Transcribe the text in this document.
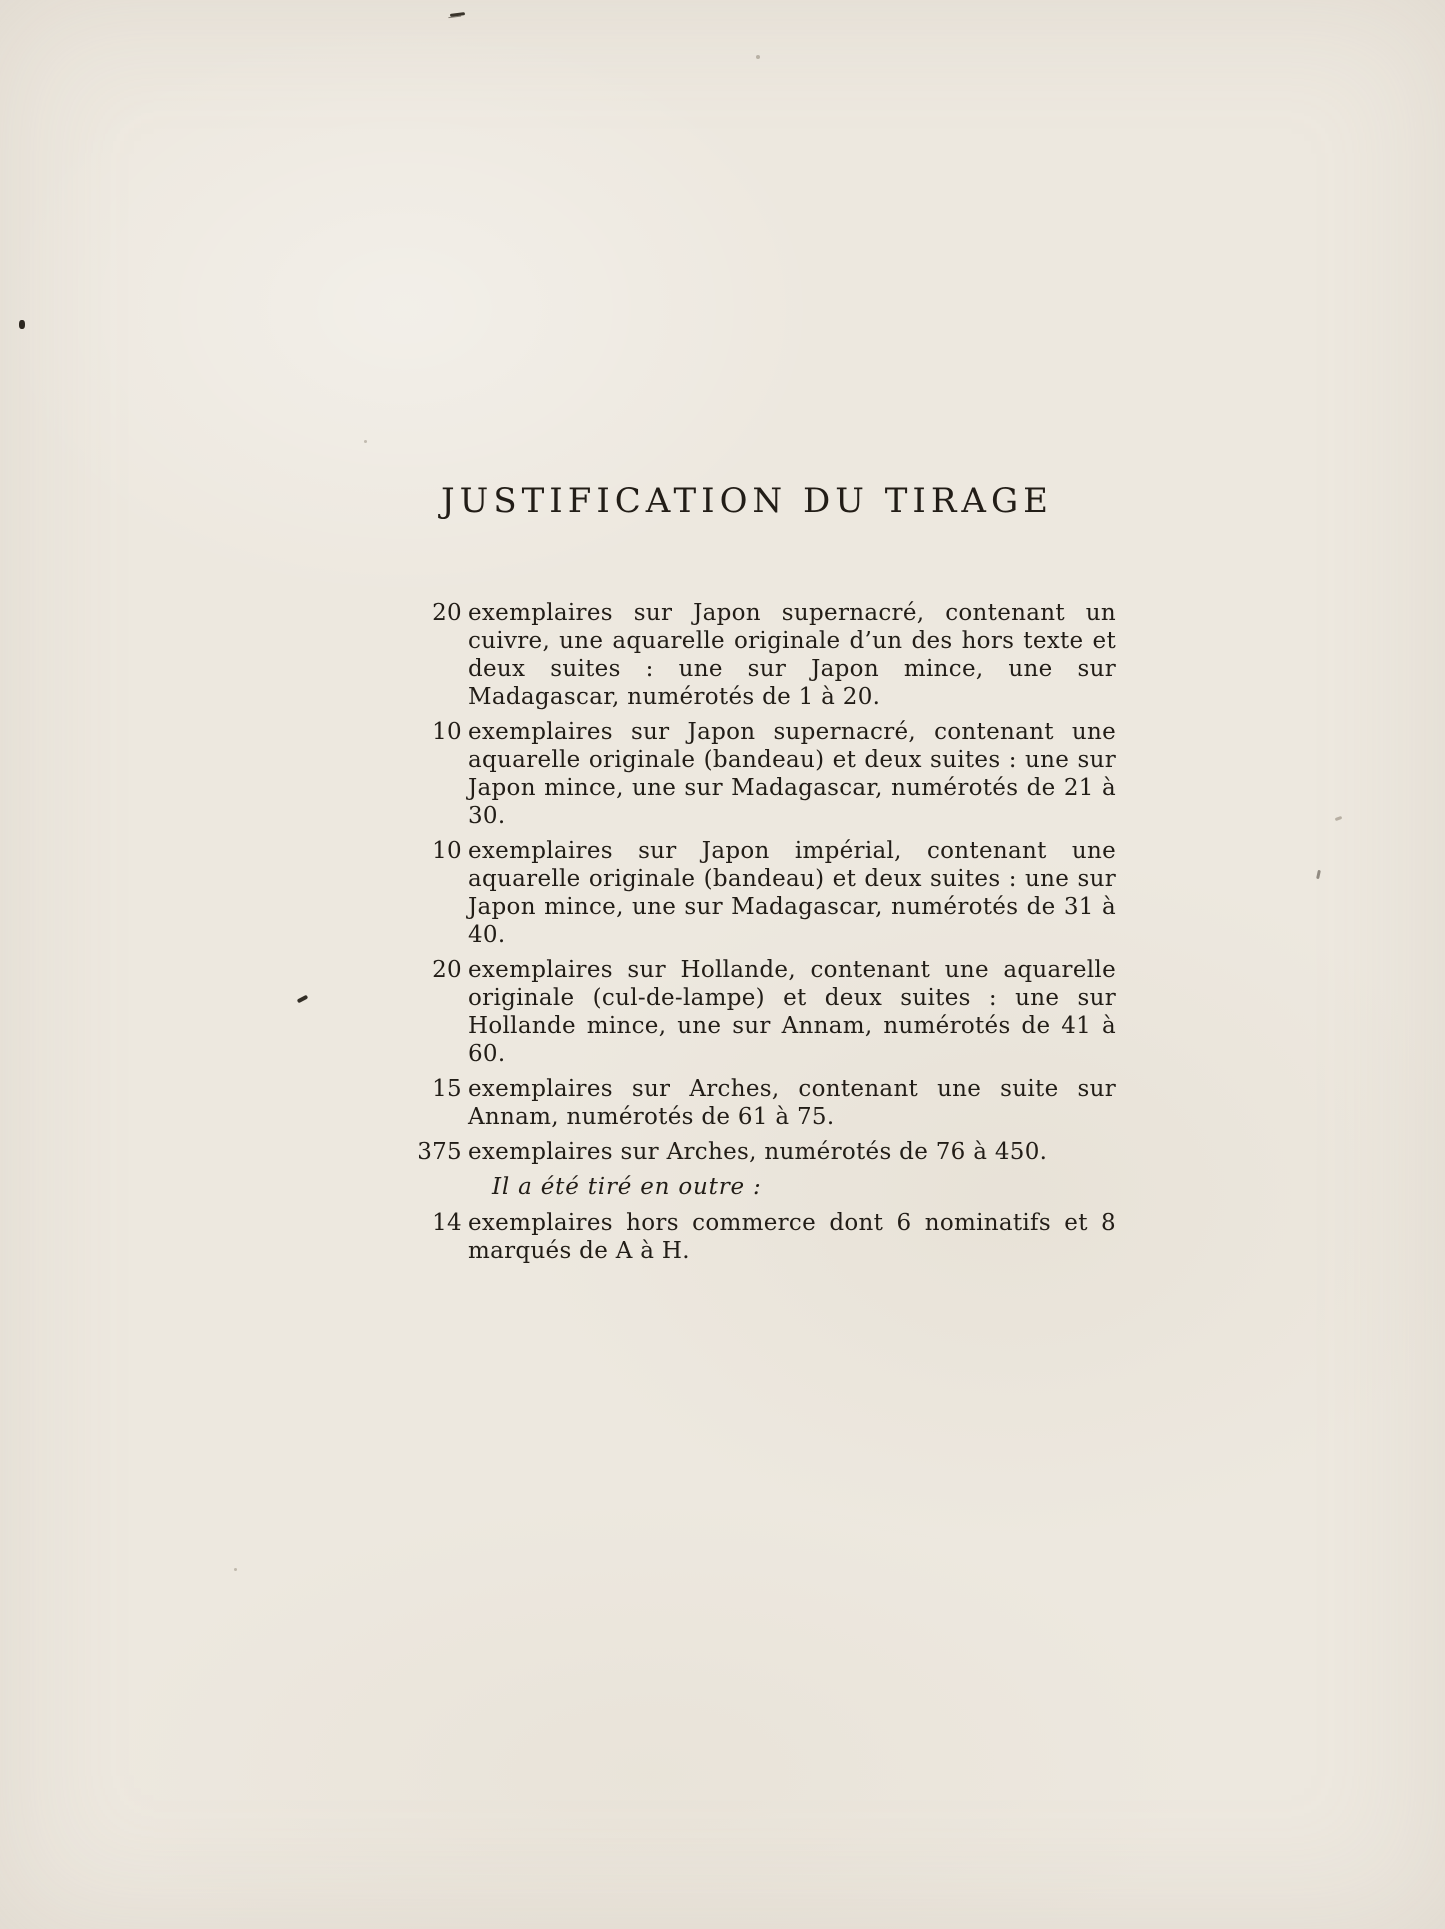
JUSTIFICATION DU TIRAGE
20 exemplaires sur Japon supernacré, contenant un cuivre, une aquarelle originale d’un des hors texte et deux suites : une sur Japon mince, une sur Madagascar, numérotés de 1 à 20.
10 exemplaires sur Japon supernacré, contenant une aquarelle originale (bandeau) et deux suites : une sur Japon mince, une sur Madagascar, numérotés de 21 à 30.
10 exemplaires sur Japon impérial, contenant une aquarelle originale (bandeau) et deux suites : une sur Japon mince, une sur Madagascar, numérotés de 31 à 40.
20 exemplaires sur Hollande, contenant une aquarelle originale (cul-de-lampe) et deux suites : une sur Hollande mince, une sur Annam, numérotés de 41 à 60.
15 exemplaires sur Arches, contenant une suite sur Annam, numérotés de 61 à 75.
375 exemplaires sur Arches, numérotés de 76 à 450.
Il a été tiré en outre :
14 exemplaires hors commerce dont 6 nominatifs et 8 marqués de A à H.
